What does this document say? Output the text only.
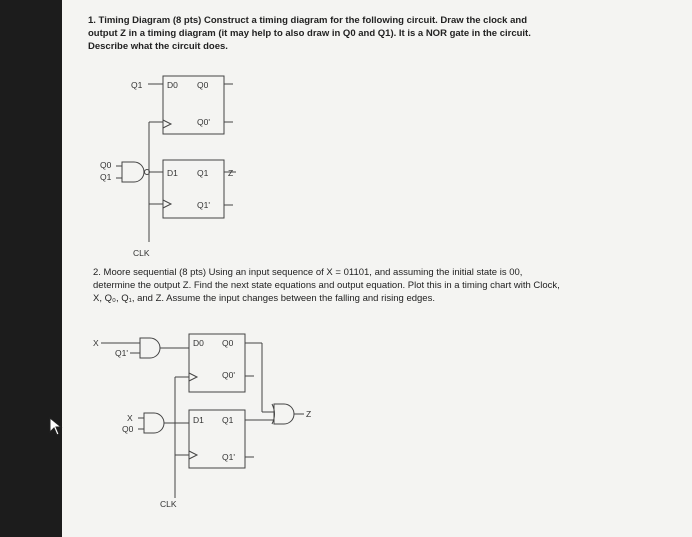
1. Timing Diagram (8 pts) Construct a timing diagram for the following circuit. Draw the clock and output Z in a timing diagram (it may help to also draw in Q0 and Q1). It is a NOR gate in the circuit. Describe what the circuit does.
Q1	D0 Q0
Q0'
Q0
Q1	D1 Q1 Z
Q1'
CLK
X
Q1'
D0 Q0
Q0'
X
Q0
D1 Q1
Q1'
Z
CLK
2. Moore sequential (8 pts) Using an input sequence of X = 01101, and assuming the initial state is 00, determine the output Z. Find the next state equations and output equation. Plot this in a timing chart with Clock, X, Q₀, Q₁, and Z. Assume the input changes between the falling and rising edges.
